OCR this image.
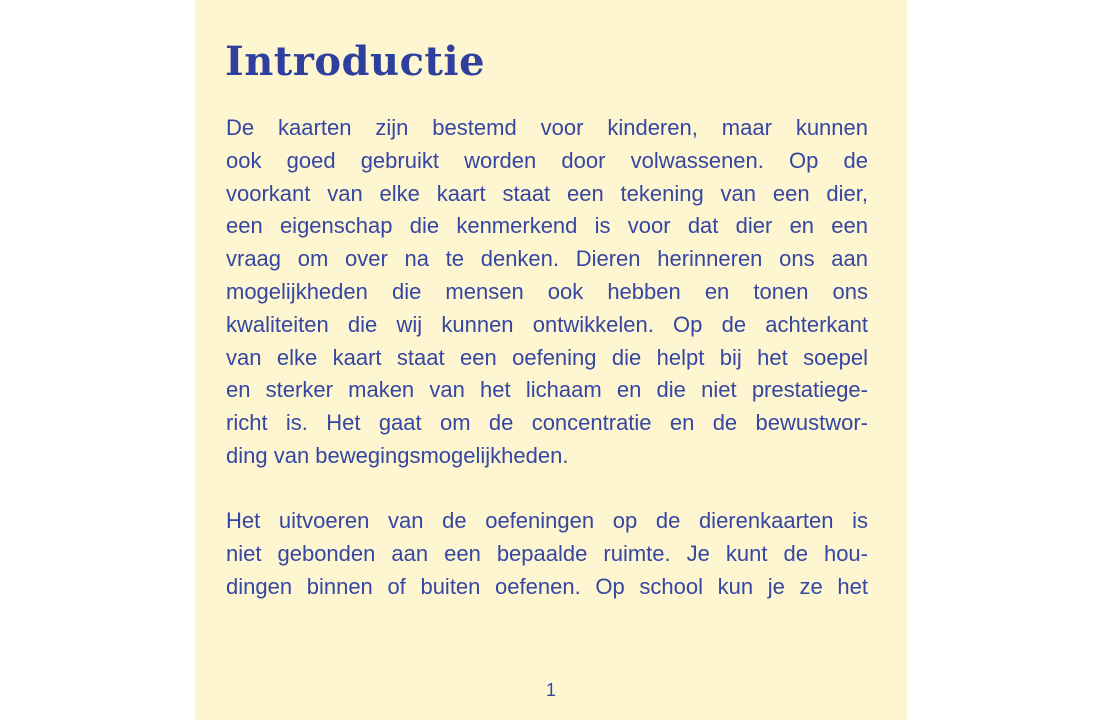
Introductie
De kaarten zijn bestemd voor kinderen, maar kunnen
ook goed gebruikt worden door volwassenen. Op de
voorkant van elke kaart staat een tekening van een dier,
een eigenschap die kenmerkend is voor dat dier en een
vraag om over na te denken. Dieren herinneren ons aan
mogelijkheden die mensen ook hebben en tonen ons
kwaliteiten die wij kunnen ontwikkelen. Op de achterkant
van elke kaart staat een oefening die helpt bij het soepel
en sterker maken van het lichaam en die niet prestatiege-
richt is. Het gaat om de concentratie en de bewustwor-
ding van bewegingsmogelijkheden.
Het uitvoeren van de oefeningen op de dierenkaarten is
niet gebonden aan een bepaalde ruimte. Je kunt de hou-
dingen binnen of buiten oefenen. Op school kun je ze het
1
